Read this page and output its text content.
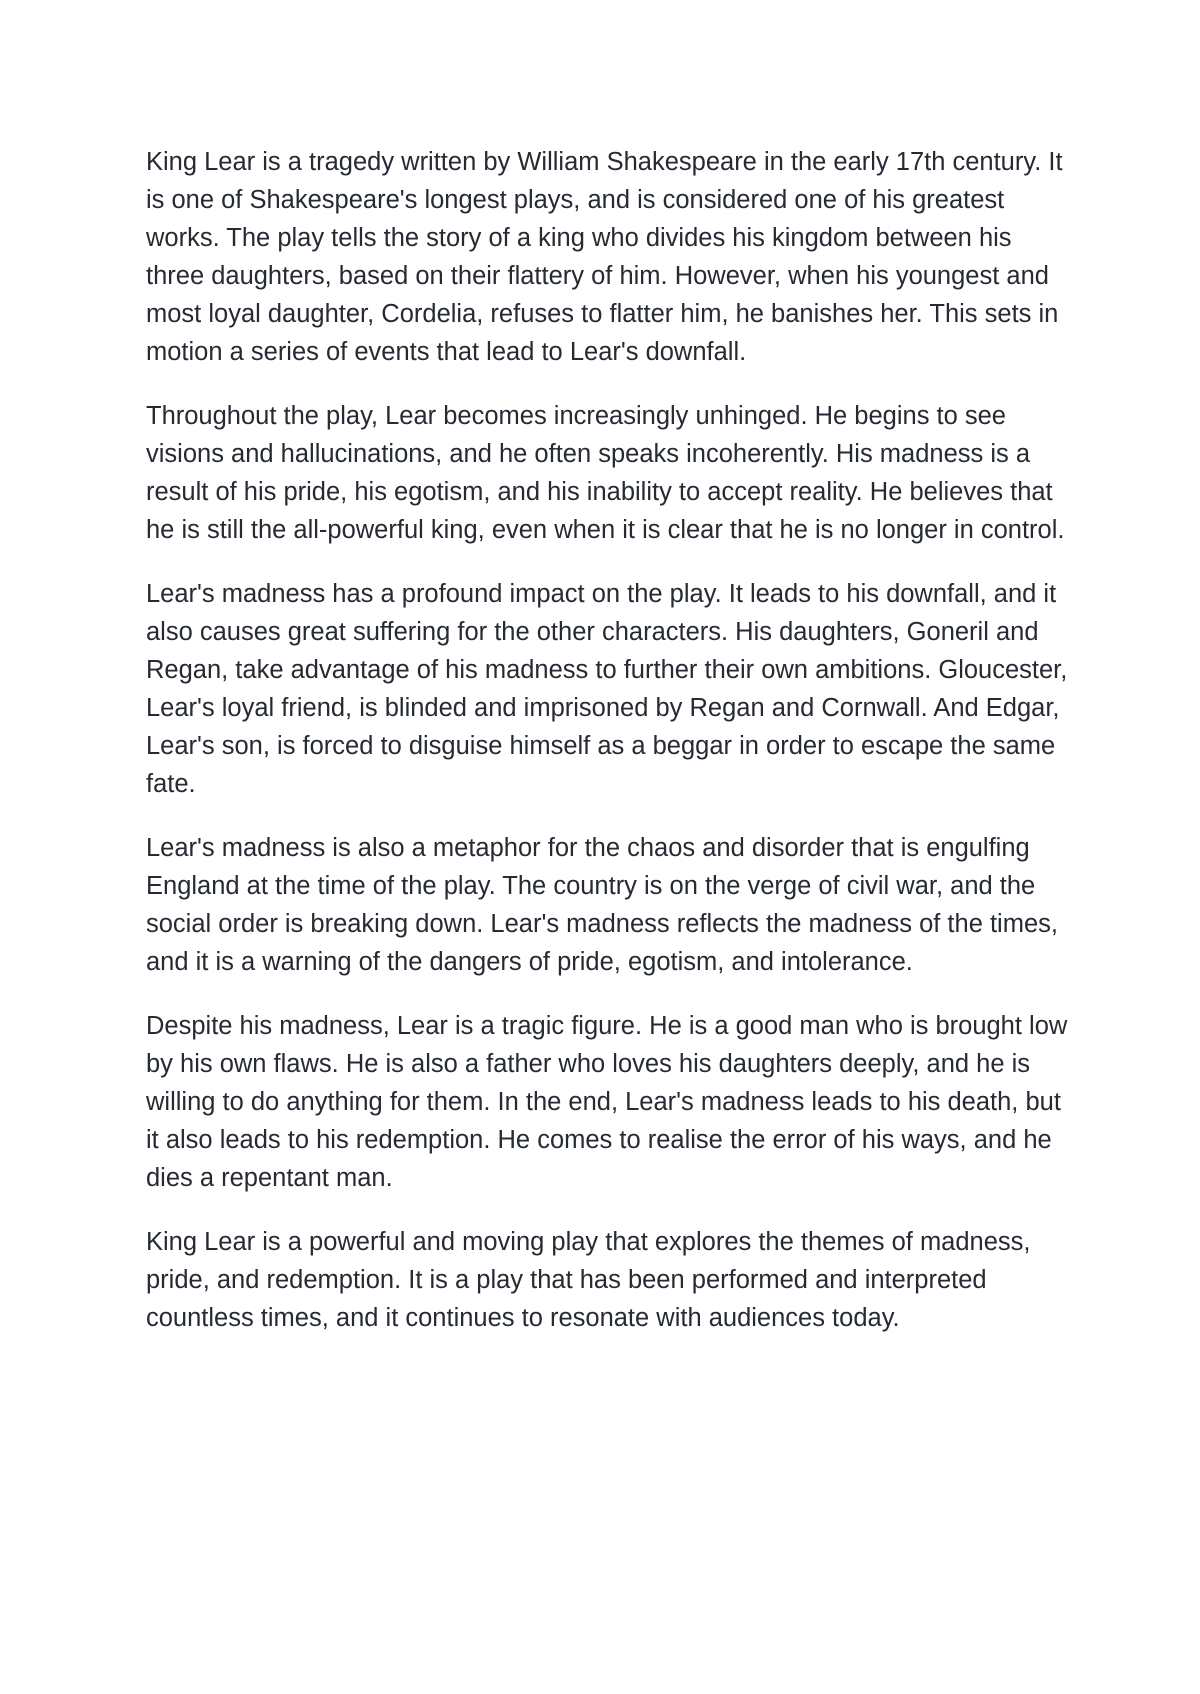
King Lear is a tragedy written by William Shakespeare in the early 17th century. It is one of Shakespeare's longest plays, and is considered one of his greatest works. The play tells the story of a king who divides his kingdom between his three daughters, based on their flattery of him. However, when his youngest and most loyal daughter, Cordelia, refuses to flatter him, he banishes her. This sets in motion a series of events that lead to Lear's downfall.

Throughout the play, Lear becomes increasingly unhinged. He begins to see visions and hallucinations, and he often speaks incoherently. His madness is a result of his pride, his egotism, and his inability to accept reality. He believes that he is still the all-powerful king, even when it is clear that he is no longer in control.

Lear's madness has a profound impact on the play. It leads to his downfall, and it also causes great suffering for the other characters. His daughters, Goneril and Regan, take advantage of his madness to further their own ambitions. Gloucester, Lear's loyal friend, is blinded and imprisoned by Regan and Cornwall. And Edgar, Lear's son, is forced to disguise himself as a beggar in order to escape the same fate.

Lear's madness is also a metaphor for the chaos and disorder that is engulfing England at the time of the play. The country is on the verge of civil war, and the social order is breaking down. Lear's madness reflects the madness of the times, and it is a warning of the dangers of pride, egotism, and intolerance.

Despite his madness, Lear is a tragic figure. He is a good man who is brought low by his own flaws. He is also a father who loves his daughters deeply, and he is willing to do anything for them. In the end, Lear's madness leads to his death, but it also leads to his redemption. He comes to realise the error of his ways, and he dies a repentant man.

King Lear is a powerful and moving play that explores the themes of madness, pride, and redemption. It is a play that has been performed and interpreted countless times, and it continues to resonate with audiences today.
